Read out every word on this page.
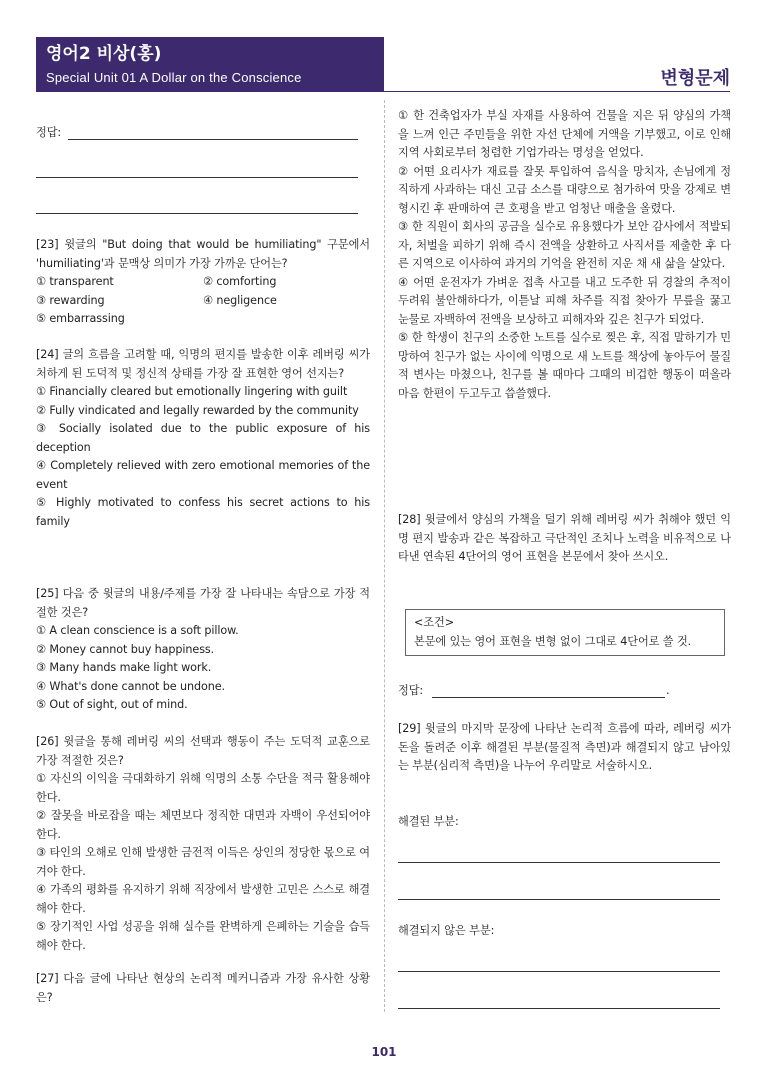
영어2 비상(홍)
Special Unit 01 A Dollar on the Conscience	변형문제
정답:
[23] 윗글의 "But doing that would be humiliating" 구문에서 'humiliating'과 문맥상 의미가 가장 가까운 단어는?
① transparent	② comforting
③ rewarding	④ negligence
⑤ embarrassing
[24] 글의 흐름을 고려할 때, 익명의 편지를 발송한 이후 레버링 씨가 처하게 된 도덕적 및 정신적 상태를 가장 잘 표현한 영어 선지는?
① Financially cleared but emotionally lingering with guilt
② Fully vindicated and legally rewarded by the community
③ Socially isolated due to the public exposure of his deception
④ Completely relieved with zero emotional memories of the event
⑤ Highly motivated to confess his secret actions to his family
[25] 다음 중 윗글의 내용/주제를 가장 잘 나타내는 속담으로 가장 적절한 것은?
① A clean conscience is a soft pillow.
② Money cannot buy happiness.
③ Many hands make light work.
④ What's done cannot be undone.
⑤ Out of sight, out of mind.
[26] 윗글을 통해 레버링 씨의 선택과 행동이 주는 도덕적 교훈으로 가장 적절한 것은?
① 자신의 이익을 극대화하기 위해 익명의 소통 수단을 적극 활용해야 한다.
② 잘못을 바로잡을 때는 체면보다 정직한 대면과 자백이 우선되어야 한다.
③ 타인의 오해로 인해 발생한 금전적 이득은 상인의 정당한 몫으로 여겨야 한다.
④ 가족의 평화를 유지하기 위해 직장에서 발생한 고민은 스스로 해결해야 한다.
⑤ 장기적인 사업 성공을 위해 실수를 완벽하게 은폐하는 기술을 습득해야 한다.
[27] 다음 글에 나타난 현상의 논리적 메커니즘과 가장 유사한 상황은?
① 한 건축업자가 부실 자재를 사용하여 건물을 지은 뒤 양심의 가책을 느껴 인근 주민들을 위한 자선 단체에 거액을 기부했고, 이로 인해 지역 사회로부터 청렴한 기업가라는 명성을 얻었다.
② 어떤 요리사가 재료를 잘못 투입하여 음식을 망치자, 손님에게 정직하게 사과하는 대신 고급 소스를 대량으로 첨가하여 맛을 강제로 변형시킨 후 판매하여 큰 호평을 받고 엄청난 매출을 올렸다.
③ 한 직원이 회사의 공금을 실수로 유용했다가 보안 감사에서 적발되자, 처벌을 피하기 위해 즉시 전액을 상환하고 사직서를 제출한 후 다른 지역으로 이사하여 과거의 기억을 완전히 지운 채 새 삶을 살았다.
④ 어떤 운전자가 가벼운 접촉 사고를 내고 도주한 뒤 경찰의 추적이 두려워 불안해하다가, 이튿날 피해 차주를 직접 찾아가 무릎을 꿇고 눈물로 자백하여 전액을 보상하고 피해자와 깊은 친구가 되었다.
⑤ 한 학생이 친구의 소중한 노트를 실수로 찢은 후, 직접 말하기가 민망하여 친구가 없는 사이에 익명으로 새 노트를 책상에 놓아두어 물질적 변사는 마쳤으나, 친구를 볼 때마다 그때의 비겁한 행동이 떠올라 마음 한편이 두고두고 씁쓸했다.
[28] 윗글에서 양심의 가책을 덜기 위해 레버링 씨가 취해야 했던 익명 편지 발송과 같은 복잡하고 극단적인 조치나 노력을 비유적으로 나타낸 연속된 4단어의 영어 표현을 본문에서 찾아 쓰시오.
<조건>
본문에 있는 영어 표현을 변형 없이 그대로 4단어로 쓸 것.
정답:	.
[29] 윗글의 마지막 문장에 나타난 논리적 흐름에 따라, 레버링 씨가 돈을 돌려준 이후 해결된 부분(물질적 측면)과 해결되지 않고 남아있는 부분(심리적 측면)을 나누어 우리말로 서술하시오.
해결된 부분:
해결되지 않은 부분:
101
